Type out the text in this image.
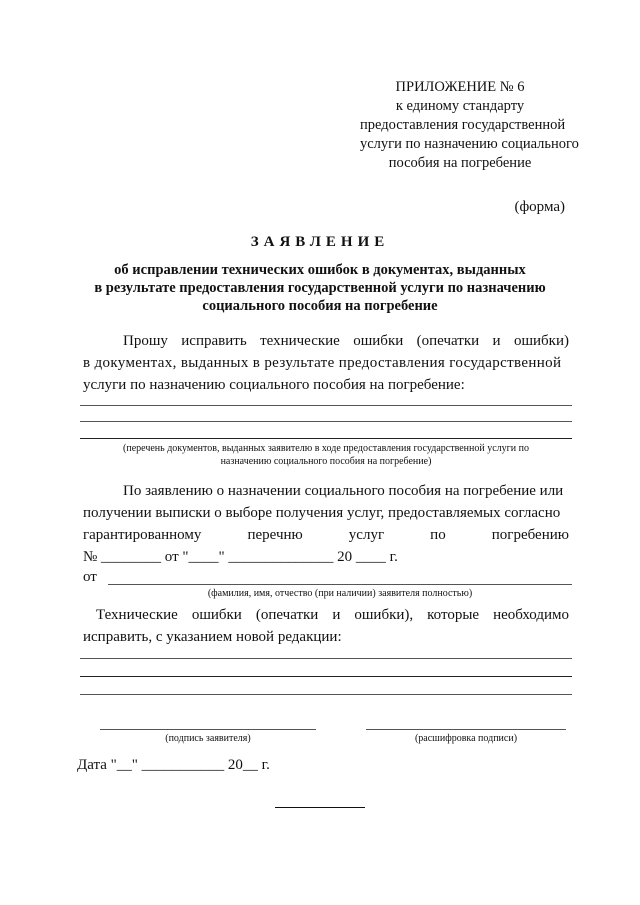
ПРИЛОЖЕНИЕ № 6
к единому стандарту
предоставления государственной
услуги по назначению социального
пособия на погребение
(форма)
ЗАЯВЛЕНИЕ
об исправлении технических ошибок в документах, выданных
в результате предоставления государственной услуги по назначению
социального пособия на погребение
Прошу исправить технические ошибки (опечатки и ошибки)
в документах, выданных в результате предоставления государственной
услуги по назначению социального пособия на погребение:
(перечень документов, выданных заявителю в ходе предоставления государственной услуги по
назначению социального пособия на погребение)
По заявлению о назначении социального пособия на погребение или
получении выписки о выборе получения услуг, предоставляемых согласно
гарантированному	перечню	услуг	по	погребению
№ ________ от "____" ______________ 20 ____ г.
от
(фамилия, имя, отчество (при наличии) заявителя полностью)
Технические ошибки (опечатки и ошибки), которые необходимо
исправить, с указанием новой редакции:
(подпись заявителя)	(расшифровка подписи)
Дата "__" ___________ 20__ г.
